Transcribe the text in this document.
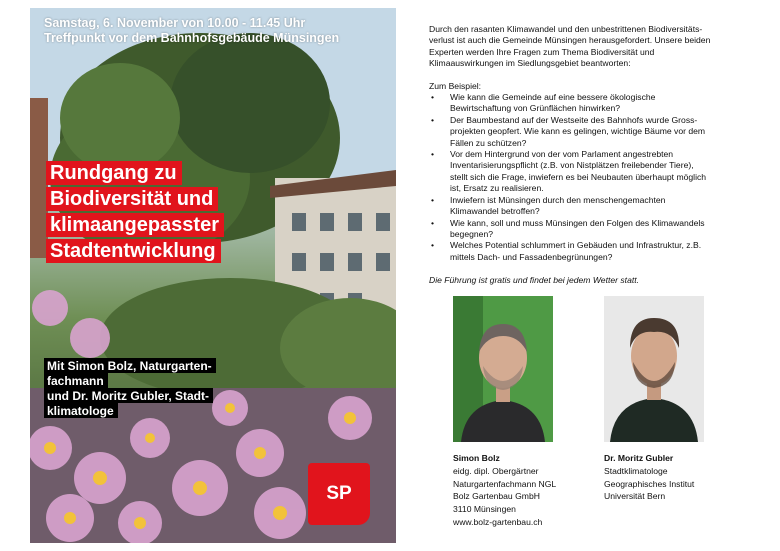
Samstag, 6. November von 10.00 - 11.45 Uhr
Treffpunkt vor dem Bahnhofsgebäude Münsingen
Rundgang zu
Biodiversität und
klimaangepasster
Stadtentwicklung
Mit Simon Bolz, Naturgarten-
fachmann
und Dr. Moritz Gubler, Stadt-
klimatologe
SP

Durch den rasanten Klimawandel und den unbestrittenen Biodiversitäts-

verlust ist auch die Gemeinde Münsingen herausgefordert. Unsere beiden

Experten werden Ihre Fragen zum Thema Biodiversität und

Klimaauswirkungen im Siedlungsgebiet beantworten:

Zum Beispiel:
• Wie kann die Gemeinde auf eine bessere ökologische
Bewirtschaftung von Grünflächen hinwirken?
• Der Baumbestand auf der Westseite des Bahnhofs wurde Gross-
projekten geopfert. Wie kann es gelingen, wichtige Bäume vor dem
Fällen zu schützen?
• Vor dem Hintergrund von der vom Parlament angestrebten
Inventarisierungspflicht (z.B. von Nistplätzen freilebender Tiere),
stellt sich die Frage, inwiefern es bei Neubauten überhaupt möglich
ist, Ersatz zu realisieren.
• Inwiefern ist Münsingen durch den menschengemachten
Klimawandel betroffen?
• Wie kann, soll und muss Münsingen den Folgen des Klimawandels
begegnen?
• Welches Potential schlummert in Gebäuden und Infrastruktur, z.B.
mittels Dach- und Fassadenbegrünungen?
Die Führung ist gratis und findet bei jedem Wetter statt.
Simon Bolz
eidg. dipl. Obergärtner
Naturgartenfachmann NGL
Bolz Gartenbau GmbH
3110 Münsingen
www.bolz-gartenbau.ch
Dr. Moritz Gubler
Stadtklimatologe
Geographisches Institut
Universität Bern
